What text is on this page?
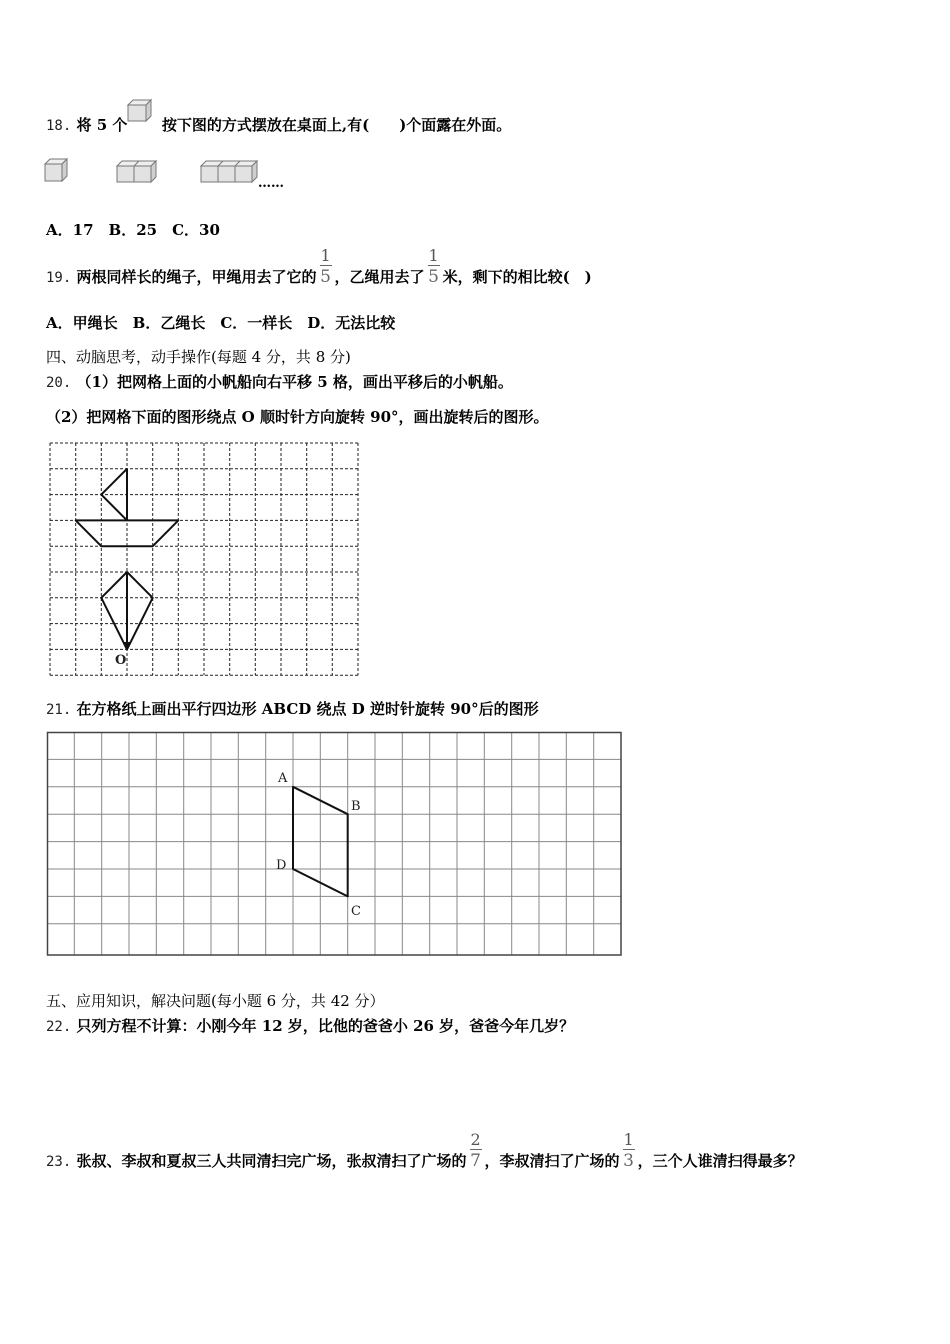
18. 将 5 个 按下图的方式摆放在桌面上,有(　　)个面露在外面。
……
A．17　B．25　C．30
19. 两根同样长的绳子，甲绳用去了它的 $\frac{1}{5}$ ，乙绳用去了 $\frac{1}{5}$ 米，剩下的相比较(　)
A．甲绳长　B．乙绳长　C．一样长　D．无法比较
四、动脑思考，动手操作(每题 4 分，共 8 分)
20. （1）把网格上面的小帆船向右平移 5 格，画出平移后的小帆船。
（2）把网格下面的图形绕点 O 顺时针方向旋转 90°，画出旋转后的图形。
O
21. 在方格纸上画出平行四边形 ABCD 绕点 D 逆时针旋转 90°后的图形
A
B
C
D
五、应用知识，解决问题(每小题 6 分，共 42 分）
22. 只列方程不计算：小刚今年 12 岁，比他的爸爸小 26 岁，爸爸今年几岁？
23. 张叔、李叔和夏叔三人共同清扫完广场，张叔清扫了广场的 $\frac{2}{7}$ ，李叔清扫了广场的 $\frac{1}{3}$ ，三个人谁清扫得最多？
